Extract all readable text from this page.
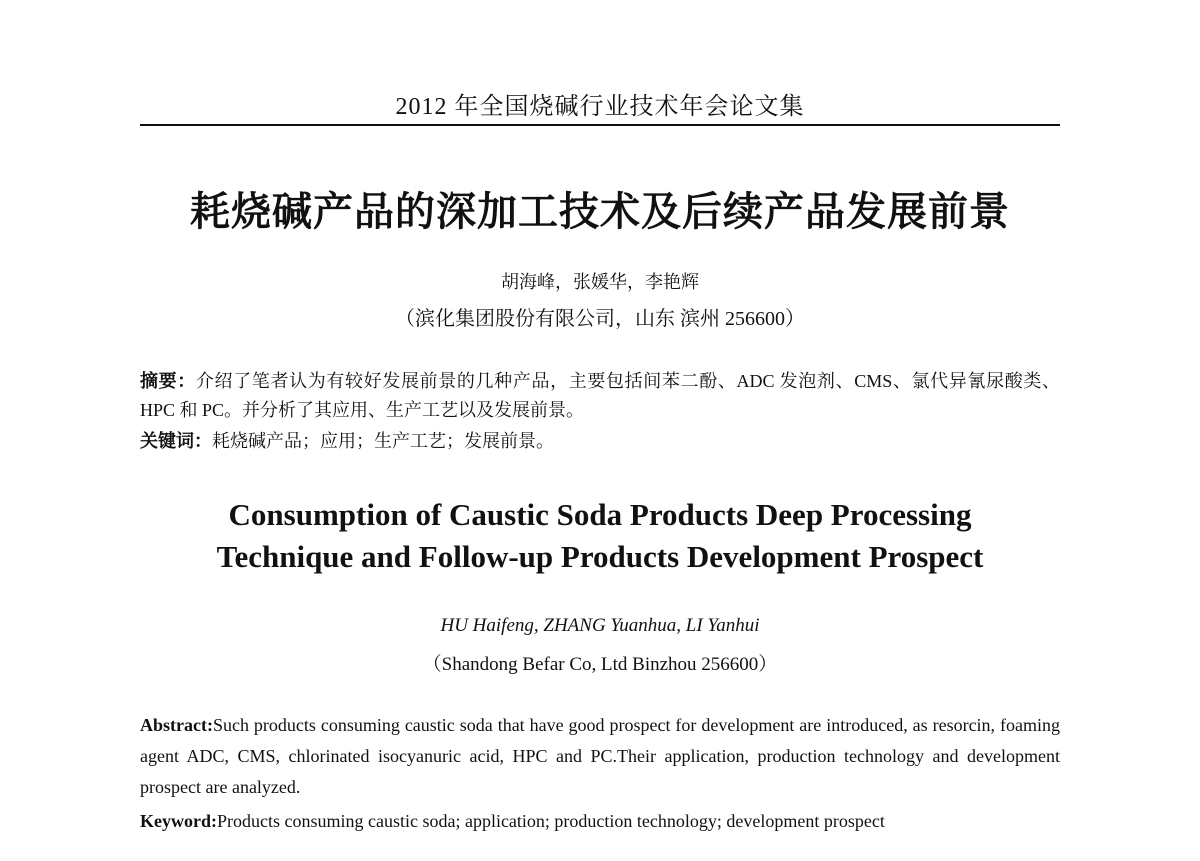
2012 年全国烧碱行业技术年会论文集
耗烧碱产品的深加工技术及后续产品发展前景
胡海峰，张媛华，李艳辉
（滨化集团股份有限公司，山东 滨州 256600）
摘要：介绍了笔者认为有较好发展前景的几种产品，主要包括间苯二酚、ADC 发泡剂、CMS、氯代异氰尿酸类、HPC 和 PC。并分析了其应用、生产工艺以及发展前景。
关键词：耗烧碱产品；应用；生产工艺；发展前景。
Consumption of Caustic Soda Products Deep Processing
Technique and Follow-up Products Development Prospect
HU Haifeng, ZHANG Yuanhua, LI Yanhui
（Shandong Befar Co, Ltd Binzhou 256600）
Abstract:Such products consuming caustic soda that have good prospect for development are introduced, as resorcin, foaming agent ADC, CMS, chlorinated isocyanuric acid, HPC and PC.Their application, production technology and development prospect are analyzed.
Keyword:Products consuming caustic soda; application; production technology; development prospect
